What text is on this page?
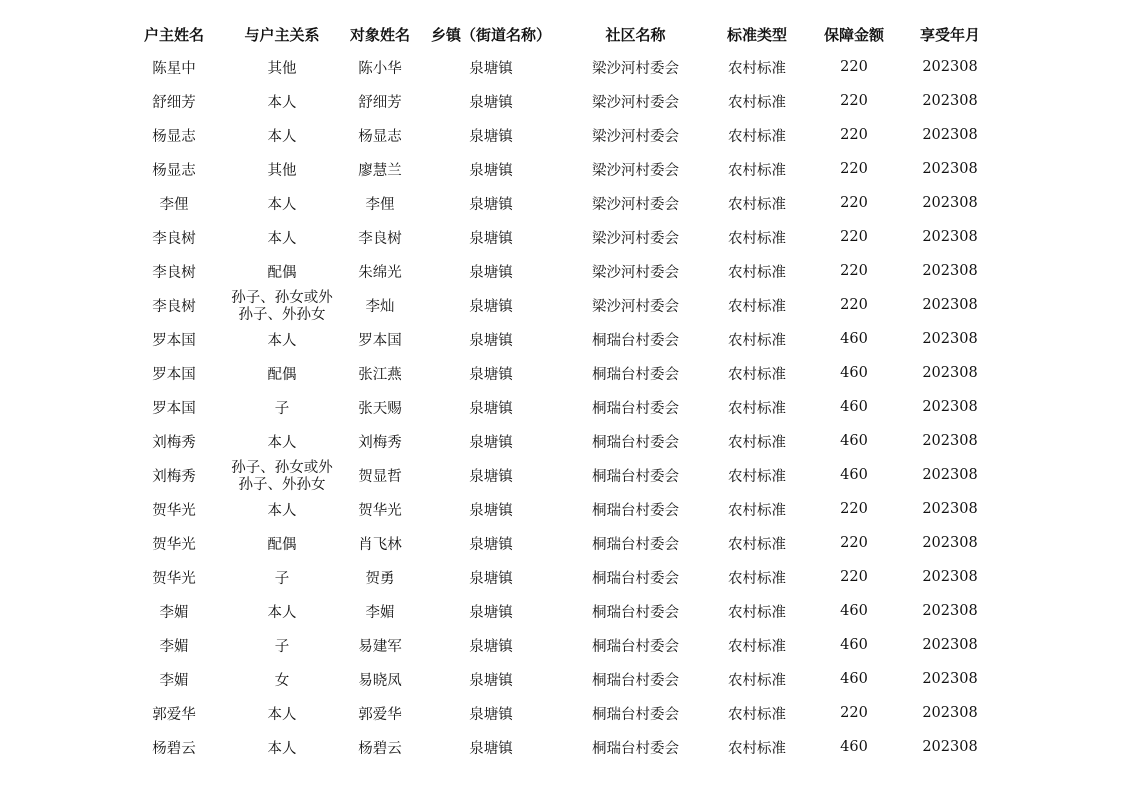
户主姓名	与户主关系	对象姓名	乡镇（街道名称）	社区名称	标准类型	保障金额	享受年月
陈星中	其他	陈小华	泉塘镇	梁沙河村委会	农村标准	220	202308
舒细芳	本人	舒细芳	泉塘镇	梁沙河村委会	农村标准	220	202308
杨显志	本人	杨显志	泉塘镇	梁沙河村委会	农村标准	220	202308
杨显志	其他	廖慧兰	泉塘镇	梁沙河村委会	农村标准	220	202308
李俚	本人	李俚	泉塘镇	梁沙河村委会	农村标准	220	202308
李良树	本人	李良树	泉塘镇	梁沙河村委会	农村标准	220	202308
李良树	配偶	朱绵光	泉塘镇	梁沙河村委会	农村标准	220	202308
李良树	孙子、孙女或外孙子、外孙女	李灿	泉塘镇	梁沙河村委会	农村标准	220	202308
罗本国	本人	罗本国	泉塘镇	桐瑞台村委会	农村标准	460	202308
罗本国	配偶	张江燕	泉塘镇	桐瑞台村委会	农村标准	460	202308
罗本国	子	张天赐	泉塘镇	桐瑞台村委会	农村标准	460	202308
刘梅秀	本人	刘梅秀	泉塘镇	桐瑞台村委会	农村标准	460	202308
刘梅秀	孙子、孙女或外孙子、外孙女	贺显哲	泉塘镇	桐瑞台村委会	农村标准	460	202308
贺华光	本人	贺华光	泉塘镇	桐瑞台村委会	农村标准	220	202308
贺华光	配偶	肖飞林	泉塘镇	桐瑞台村委会	农村标准	220	202308
贺华光	子	贺勇	泉塘镇	桐瑞台村委会	农村标准	220	202308
李媚	本人	李媚	泉塘镇	桐瑞台村委会	农村标准	460	202308
李媚	子	易建军	泉塘镇	桐瑞台村委会	农村标准	460	202308
李媚	女	易晓凤	泉塘镇	桐瑞台村委会	农村标准	460	202308
郭爱华	本人	郭爱华	泉塘镇	桐瑞台村委会	农村标准	220	202308
杨碧云	本人	杨碧云	泉塘镇	桐瑞台村委会	农村标准	460	202308
